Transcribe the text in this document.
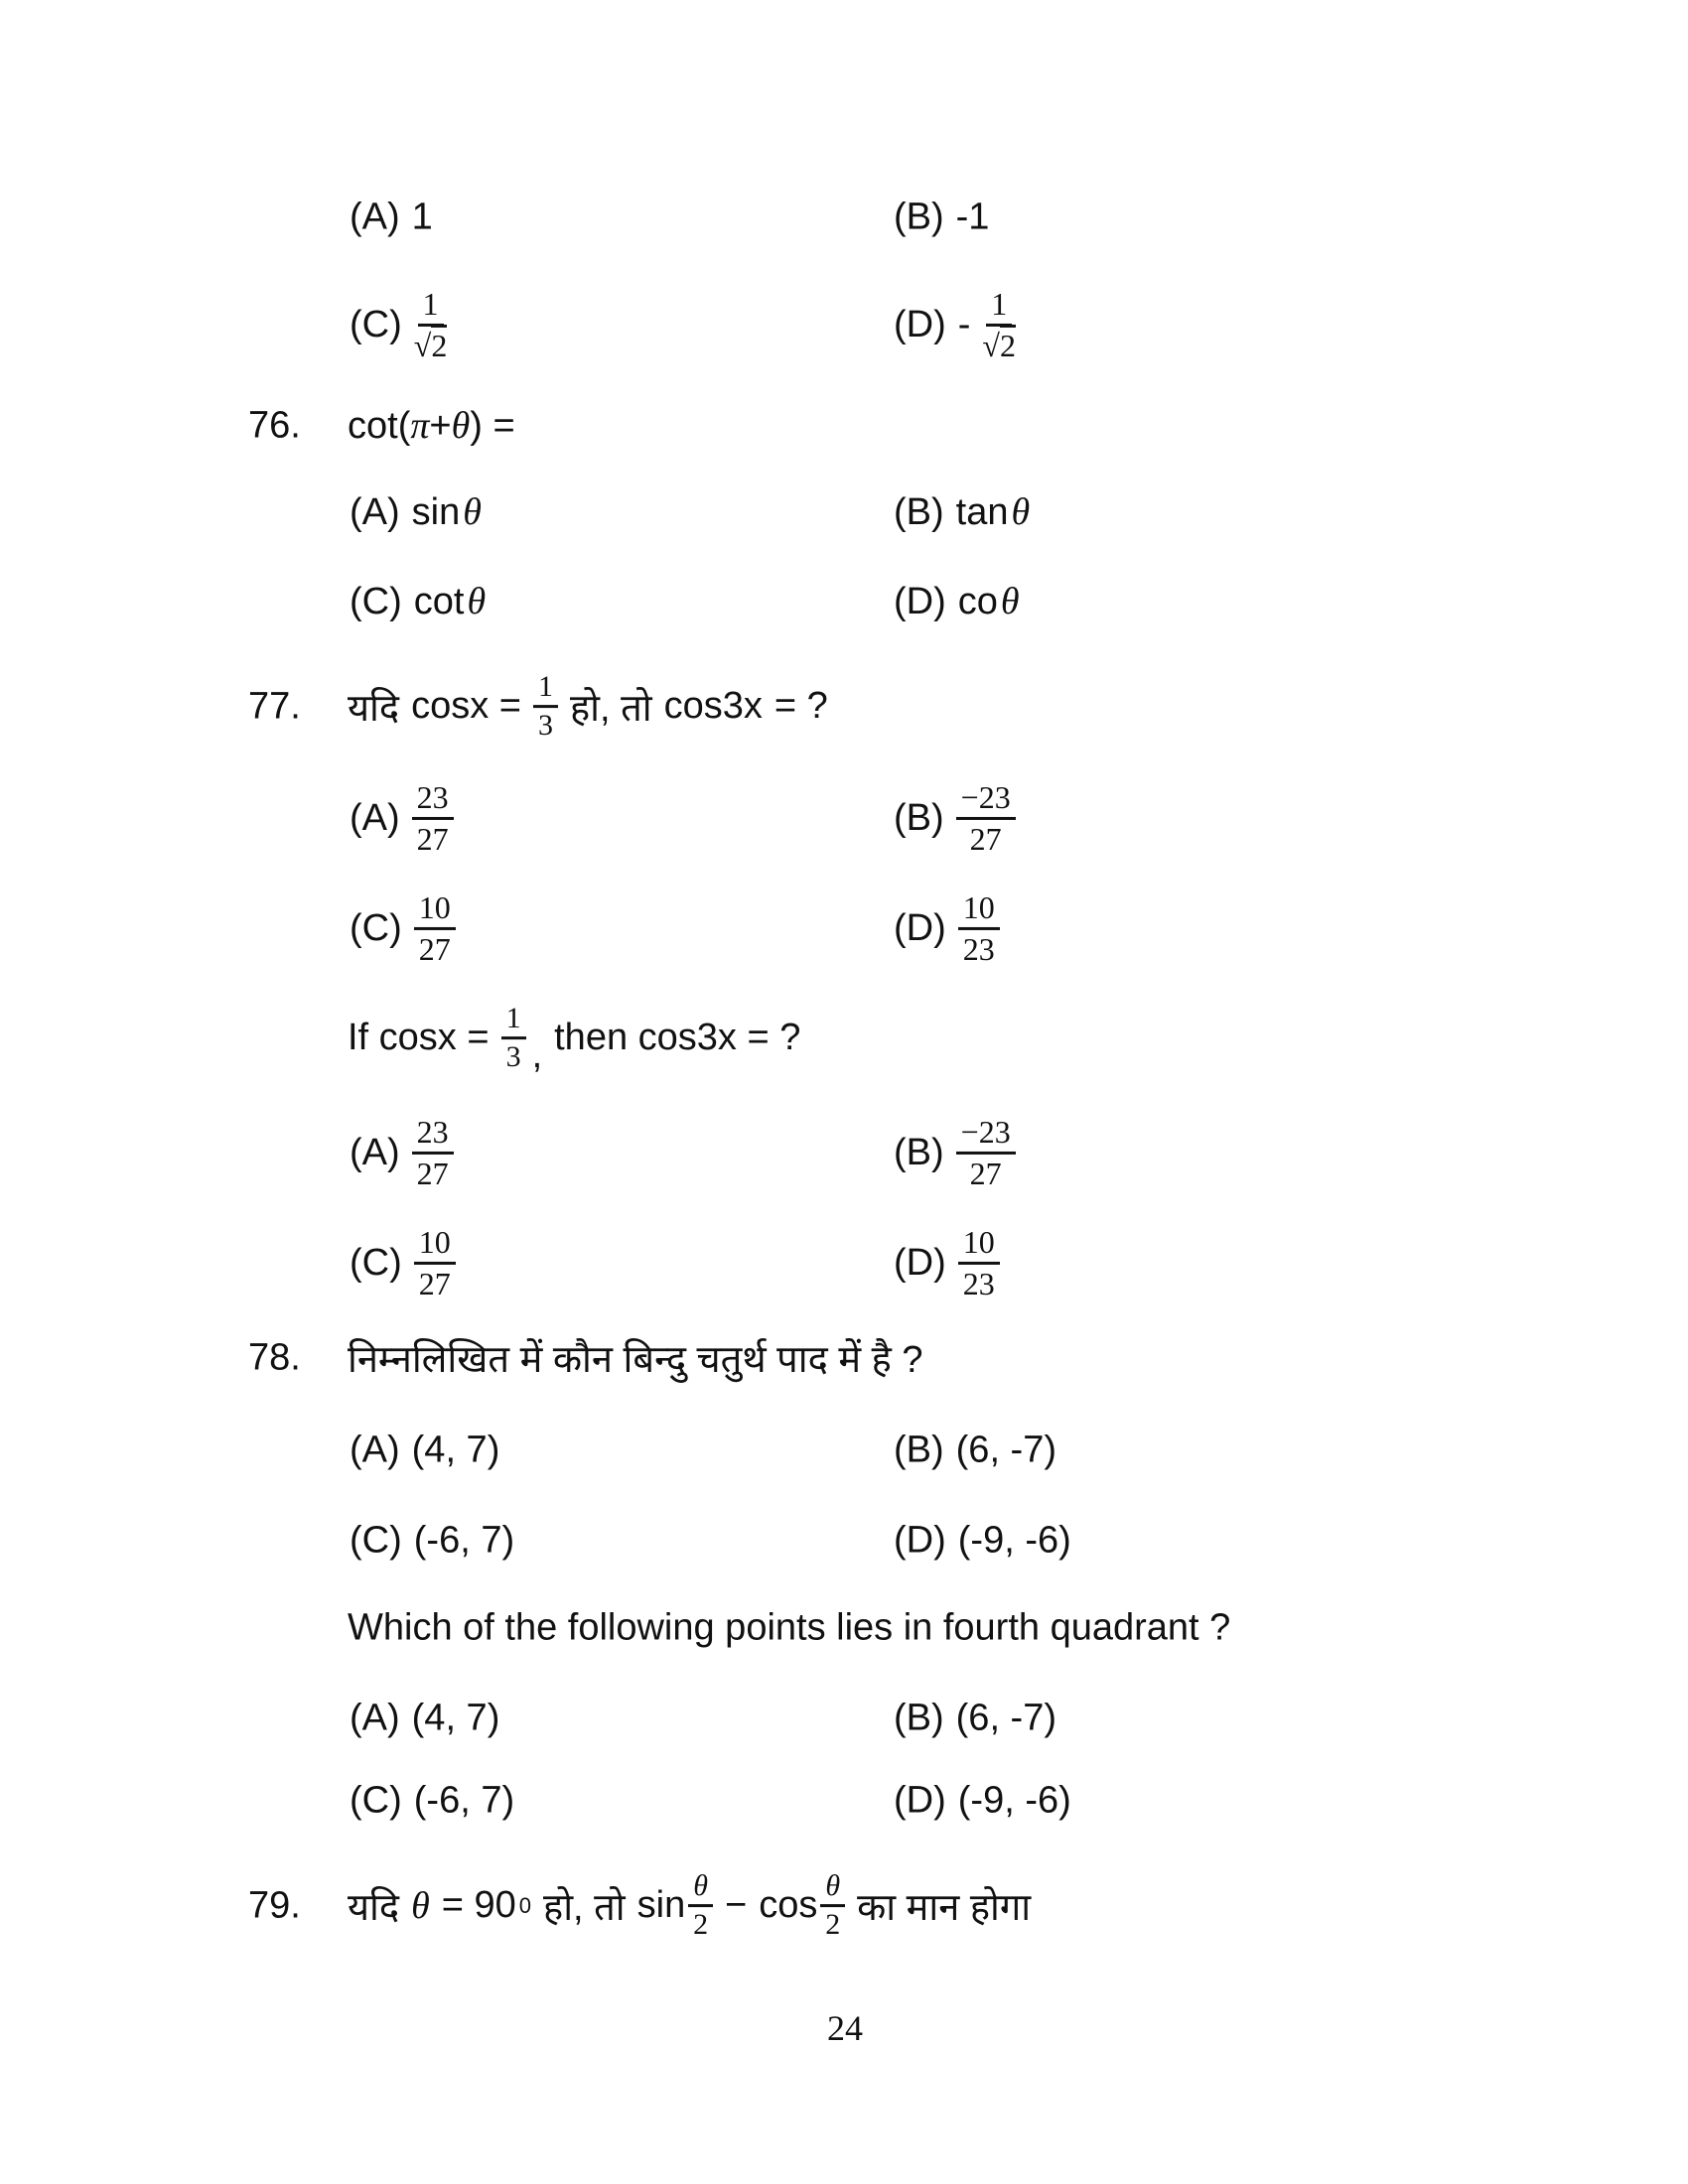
(A) 1	(B) -1
$(C) \frac{1}{√2}$	$(D) - \frac{1}{√2}$
76. cot( π + θ ) =
(A) sin θ	(B) tan θ
(C) cot θ	(D) co θ
77. यदि $\cos x = \frac{1}{3}$ हो, तो cos3x = ?
$(A) \frac{23}{27}$	$(B) \frac{-23}{27}$
$(C) \frac{10}{27}$	$(D) \frac{10}{23}$
If $\cos x = \frac{1}{3}$ , then cos3x = ?
$(A) \frac{23}{27}$	$(B) \frac{-23}{27}$
$(C) \frac{10}{27}$	$(D) \frac{10}{23}$
78. निम्नलिखित में कौन बिन्दु चतुर्थ पाद में है ?
(A) (4, 7)	(B) (6, -7)
(C) (-6, 7)	(D) (-9, -6)
Which of the following points lies in fourth quadrant ?
(A) (4, 7)	(B) (6, -7)
(C) (-6, 7)	(D) (-9, -6)
79. यदि θ = 90 0 हो, तो $\sin \frac{\theta}{2} - \cos \frac{\theta}{2}$ का मान होगा
24
